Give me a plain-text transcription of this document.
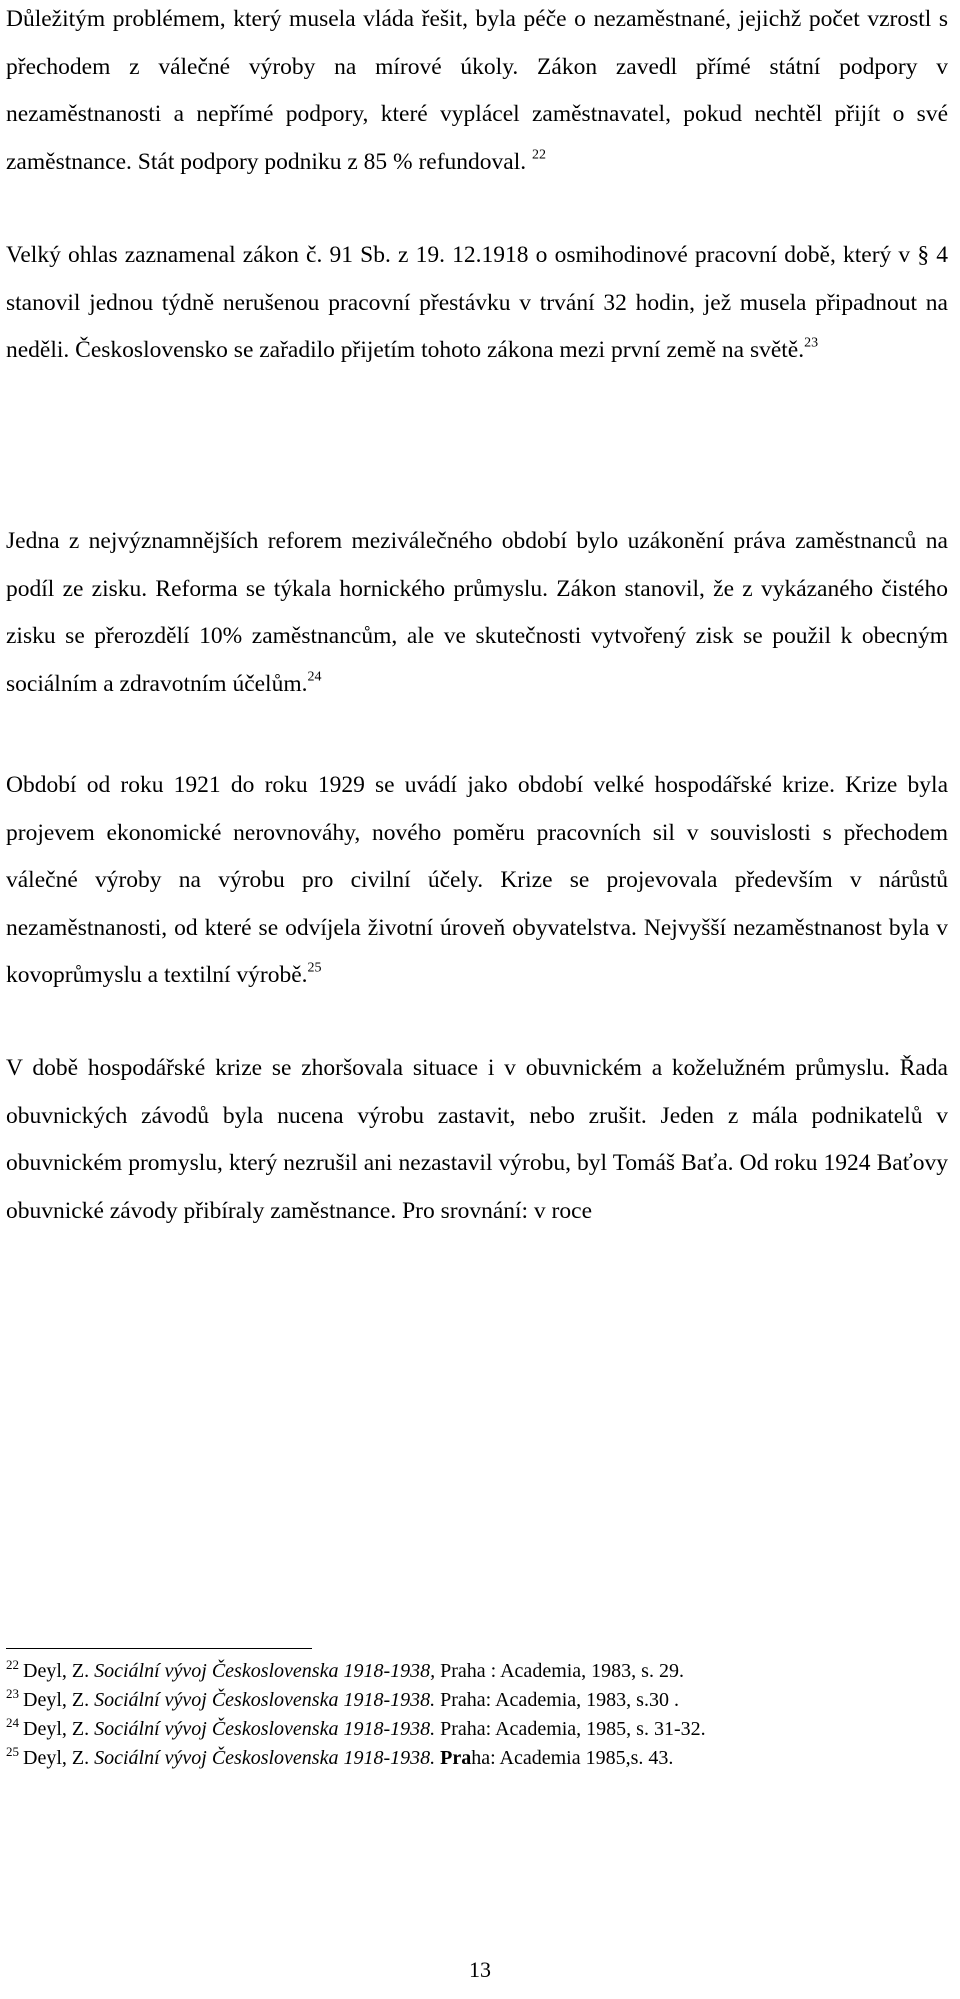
Důležitým problémem, který musela vláda řešit, byla péče o nezaměstnané, jejichž počet vzrostl s přechodem z válečné výroby na mírové úkoly. Zákon zavedl přímé státní podpory v nezaměstnanosti a nepřímé podpory, které vyplácel zaměstnavatel, pokud nechtěl přijít o své zaměstnance. Stát podpory podniku z 85 % refundoval. $^{22}$

Velký ohlas zaznamenal zákon č. 91 Sb. z 19. 12.1918 o osmihodinové pracovní době, který v § 4 stanovil jednou týdně nerušenou pracovní přestávku v trvání 32 hodin, jež musela připadnout na neděli. Československo se zařadilo přijetím tohoto zákona mezi první země na světě.$^{23}$

Jedna z nejvýznamnějších reforem meziválečného období bylo uzákonění práva zaměstnanců na podíl ze zisku. Reforma se týkala hornického průmyslu. Zákon stanovil, že z vykázaného čistého zisku se přerozdělí 10% zaměstnancům, ale ve skutečnosti vytvořený zisk se použil k obecným sociálním a zdravotním účelům.$^{24}$

Období od roku 1921 do roku 1929 se uvádí jako období velké hospodářské krize. Krize byla projevem ekonomické nerovnováhy, nového poměru pracovních sil v souvislosti s přechodem válečné výroby na výrobu pro civilní účely. Krize se projevovala především v nárůstů nezaměstnanosti, od které se odvíjela životní úroveň obyvatelstva. Nejvyšší nezaměstnanost byla v kovoprůmyslu a textilní výrobě.$^{25}$

V době hospodářské krize se zhoršovala situace i v obuvnickém a koželužném průmyslu. Řada obuvnických závodů byla nucena výrobu zastavit, nebo zrušit. Jeden z mála podnikatelů v obuvnickém promyslu, který nezrušil ani nezastavil výrobu, byl Tomáš Baťa. Od roku 1924 Baťovy obuvnické závody přibíraly zaměstnance. Pro srovnání: v roce

$^{22}$ Deyl, Z. Sociální vývoj Československa 1918-1938, Praha : Academia, 1983, s. 29.

$^{23}$ Deyl, Z. Sociální vývoj Československa 1918-1938. Praha: Academia, 1983, s.30 .

$^{24}$ Deyl, Z. Sociální vývoj Československa 1918-1938. Praha: Academia, 1985, s. 31-32.

$^{25}$ Deyl, Z. Sociální vývoj Československa 1918-1938. Praha: Academia 1985,s. 43.

13
